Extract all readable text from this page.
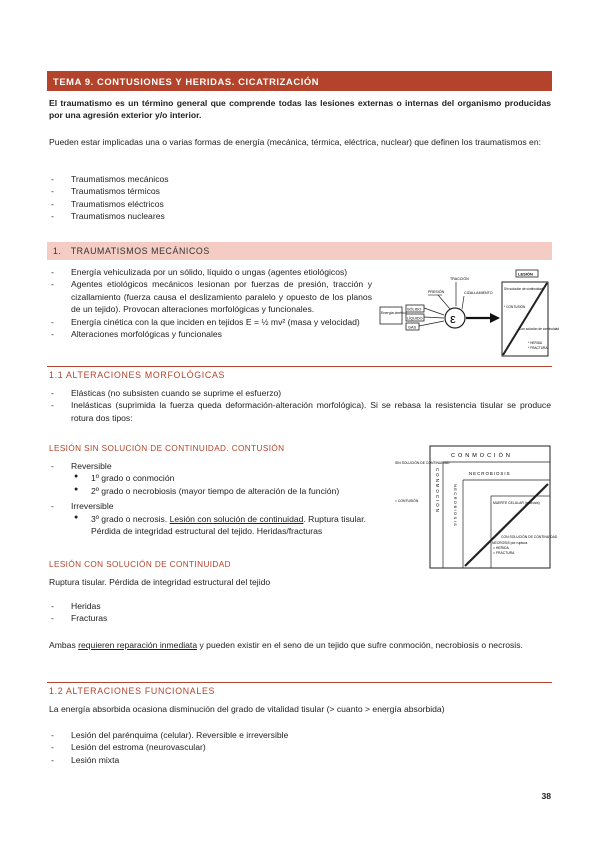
TEMA 9. CONTUSIONES Y HERIDAS. CICATRIZACIÓN

El traumatismo es un término general que comprende todas las lesiones externas o internas del organismo producidas por una agresión exterior y/o interior.

Pueden estar implicadas una o varias formas de energía (mecánica, térmica, eléctrica, nuclear) que definen los traumatismos en:

- Traumatismos mecánicos
- Traumatismos térmicos
- Traumatismos eléctricos
- Traumatismos nucleares
1. TRAUMATISMOS MECÁNICOS
- Energía vehiculizada por un sólido, líquido o ungas (agentes etiológicos)
- Agentes etiológicos mecánicos lesionan por fuerzas de presión, tracción y cizallamiento (fuerza causa el deslizamiento paralelo y opuesto de los planos de un tejido). Provocan alteraciones morfológicas y funcionales.
- Energía cinética con la que inciden en tejidos E = ½ mv² (masa y velocidad)
- Alteraciones morfológicas y funcionales
Energía cinética
SÓLIDO
LÍQUIDO
GAS
PRESIÓN
TRACCIÓN
CIZALLAMIENTO
ε
LESIÓN
Sin solución de continuidad
* CONTUSIÓN
Con solución de continuidad
* HERIDA
* FRACTURA
1.1 ALTERACIONES MORFOLÓGICAS
- Elásticas (no subsisten cuando se suprime el esfuerzo)
- Inelásticas (suprimida la fuerza queda deformación-alteración morfológica). Si se rebasa la resistencia tisular se produce rotura dos tipos:
LESIÓN SIN SOLUCIÓN DE CONTINUIDAD. CONTUSIÓN
- Reversible
● 1º grado o conmoción
● 2º grado o necrobiosis (mayor tiempo de alteración de la función)
- Irreversible
● 3º grado o necrosis. Lesión con solución de continuidad. Ruptura tisular. Pérdida de integridad estructural del tejido. Heridas/fracturas
CONMOCIÓN
NECROBIOSIS
CONMOCIÓN	NECROBIOSIS
SIN SOLUCIÓN DE CONTINUIDAD
= CONTUSIÓN	MUERTE CELULAR (necrosis)
CON SOLUCIÓN DE CONTINUIDAD
= HERIDA
= FRACTURA
NECROSIS por ruptura
LESIÓN CON SOLUCIÓN DE CONTINUIDAD

Ruptura tisular. Pérdida de integridad estructural del tejido

- Heridas
- Fracturas

Ambas requieren reparación inmediata y pueden existir en el seno de un tejido que sufre conmoción, necrobiosis o necrosis.

1.2 ALTERACIONES FUNCIONALES

La energía absorbida ocasiona disminución del grado de vitalidad tisular (> cuanto > energía absorbida)

- Lesión del parénquima (celular). Reversible e irreversible
- Lesión del estroma (neurovascular)
- Lesión mixta
38
